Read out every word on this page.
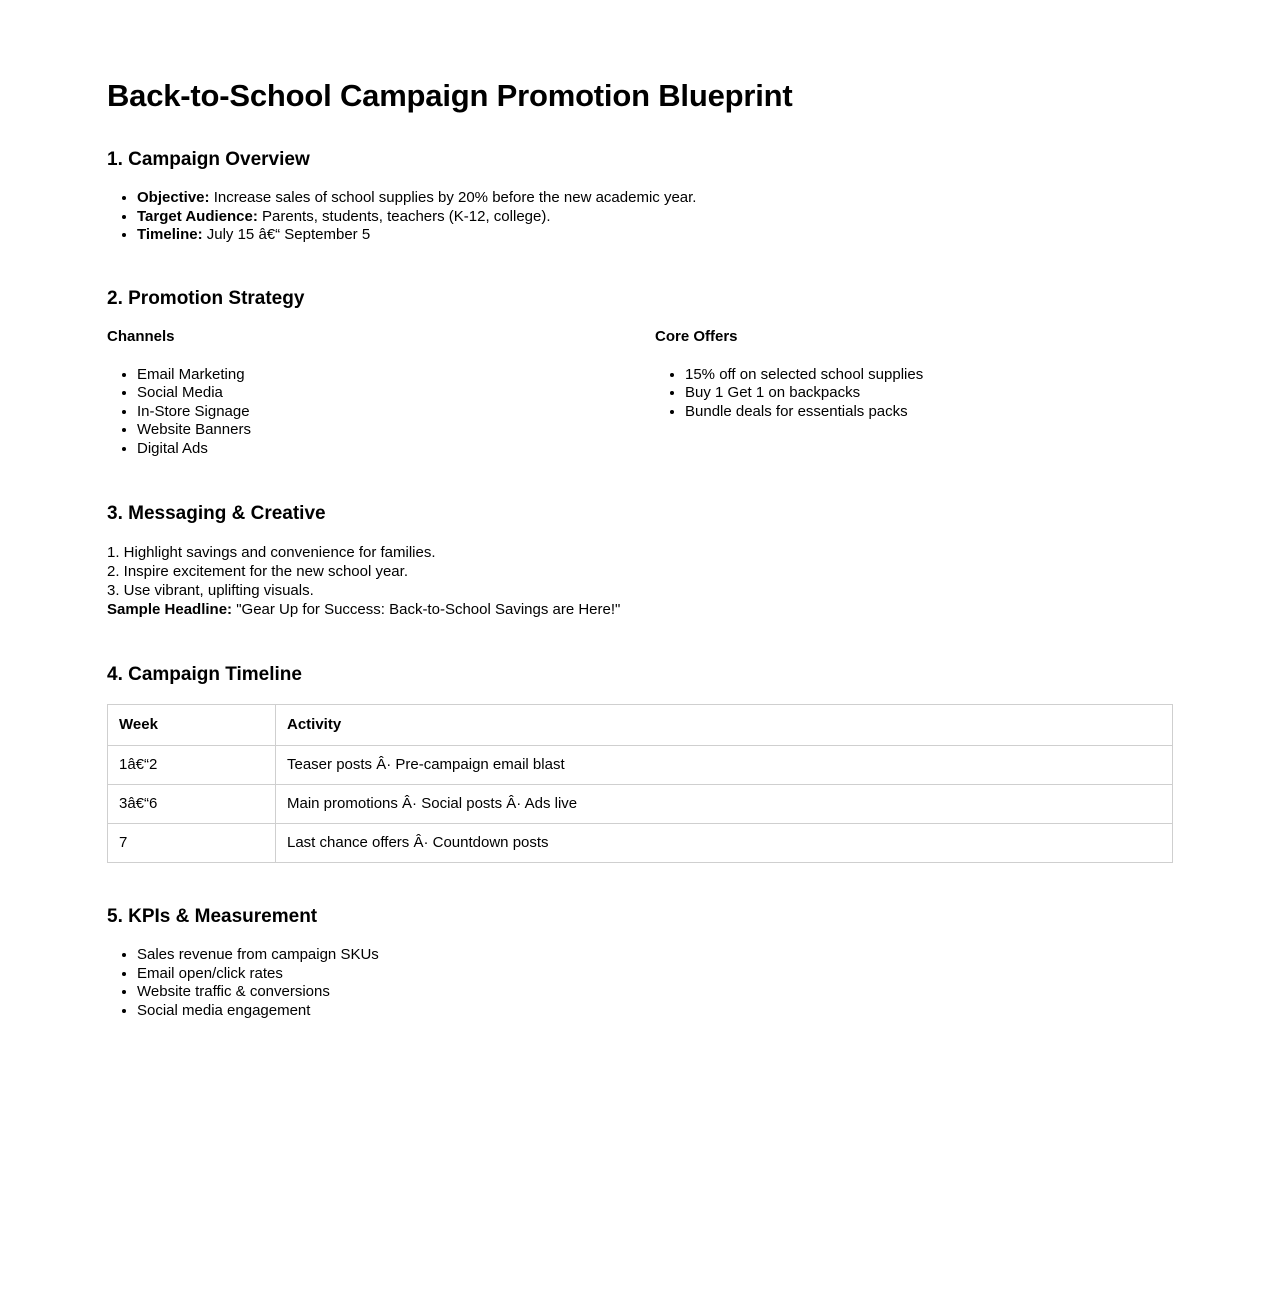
Back-to-School Campaign Promotion Blueprint
1. Campaign Overview
• Objective: Increase sales of school supplies by 20% before the new academic year.
• Target Audience: Parents, students, teachers (K-12, college).
• Timeline: July 15 â€“ September 5
2. Promotion Strategy
Channels
• Email Marketing
• Social Media
• In-Store Signage
• Website Banners
• Digital Ads
Core Offers
• 15% off on selected school supplies
• Buy 1 Get 1 on backpacks
• Bundle deals for essentials packs
3. Messaging & Creative
1. Highlight savings and convenience for families.
2. Inspire excitement for the new school year.
3. Use vibrant, uplifting visuals.

Sample Headline: "Gear Up for Success: Back-to-School Savings are Here!"

4. Campaign Timeline
Week	Activity
1â€“2	Teaser posts Â· Pre-campaign email blast
3â€“6	Main promotions Â· Social posts Â· Ads live
7	Last chance offers Â· Countdown posts
5. KPIs & Measurement
• Sales revenue from campaign SKUs
• Email open/click rates
• Website traffic & conversions
• Social media engagement
